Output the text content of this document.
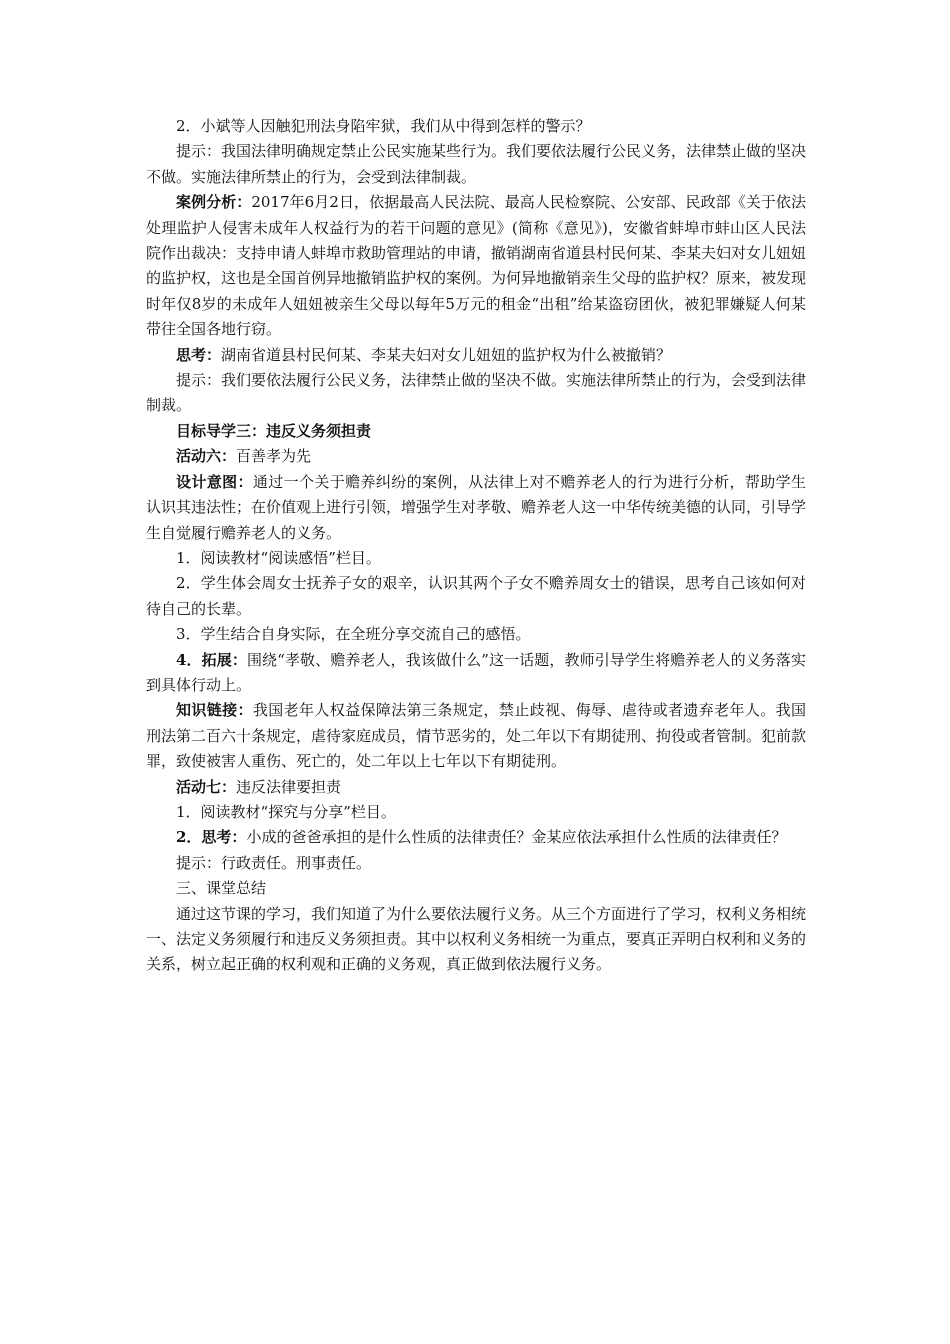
2．小斌等人因触犯刑法身陷牢狱，我们从中得到怎样的警示？

提示：我国法律明确规定禁止公民实施某些行为。我们要依法履行公民义务，法律禁止做的坚决不做。实施法律所禁止的行为，会受到法律制裁。

案例分析：2017年6月2日，依据最高人民法院、最高人民检察院、公安部、民政部《关于依法处理监护人侵害未成年人权益行为的若干问题的意见》(简称《意见》)，安徽省蚌埠市蚌山区人民法院作出裁决：支持申请人蚌埠市救助管理站的申请，撤销湖南省道县村民何某、李某夫妇对女儿妞妞的监护权，这也是全国首例异地撤销监护权的案例。为何异地撤销亲生父母的监护权？原来，被发现时年仅8岁的未成年人妞妞被亲生父母以每年5万元的租金“出租”给某盗窃团伙，被犯罪嫌疑人何某带往全国各地行窃。

思考：湖南省道县村民何某、李某夫妇对女儿妞妞的监护权为什么被撤销？

提示：我们要依法履行公民义务，法律禁止做的坚决不做。实施法律所禁止的行为，会受到法律制裁。

目标导学三：违反义务须担责

活动六：百善孝为先

设计意图：通过一个关于赡养纠纷的案例，从法律上对不赡养老人的行为进行分析，帮助学生认识其违法性；在价值观上进行引领，增强学生对孝敬、赡养老人这一中华传统美德的认同，引导学生自觉履行赡养老人的义务。

1．阅读教材“阅读感悟”栏目。

2．学生体会周女士抚养子女的艰辛，认识其两个子女不赡养周女士的错误，思考自己该如何对待自己的长辈。

3．学生结合自身实际，在全班分享交流自己的感悟。

4．拓展：围绕“孝敬、赡养老人，我该做什么”这一话题，教师引导学生将赡养老人的义务落实到具体行动上。

知识链接：我国老年人权益保障法第三条规定，禁止歧视、侮辱、虐待或者遗弃老年人。我国刑法第二百六十条规定，虐待家庭成员，情节恶劣的，处二年以下有期徒刑、拘役或者管制。犯前款罪，致使被害人重伤、死亡的，处二年以上七年以下有期徒刑。

活动七：违反法律要担责

1．阅读教材“探究与分享”栏目。

2．思考：小成的爸爸承担的是什么性质的法律责任？金某应依法承担什么性质的法律责任？

提示：行政责任。刑事责任。

三、课堂总结

通过这节课的学习，我们知道了为什么要依法履行义务。从三个方面进行了学习，权利义务相统一、法定义务须履行和违反义务须担责。其中以权利义务相统一为重点，要真正弄明白权利和义务的关系，树立起正确的权利观和正确的义务观，真正做到依法履行义务。
